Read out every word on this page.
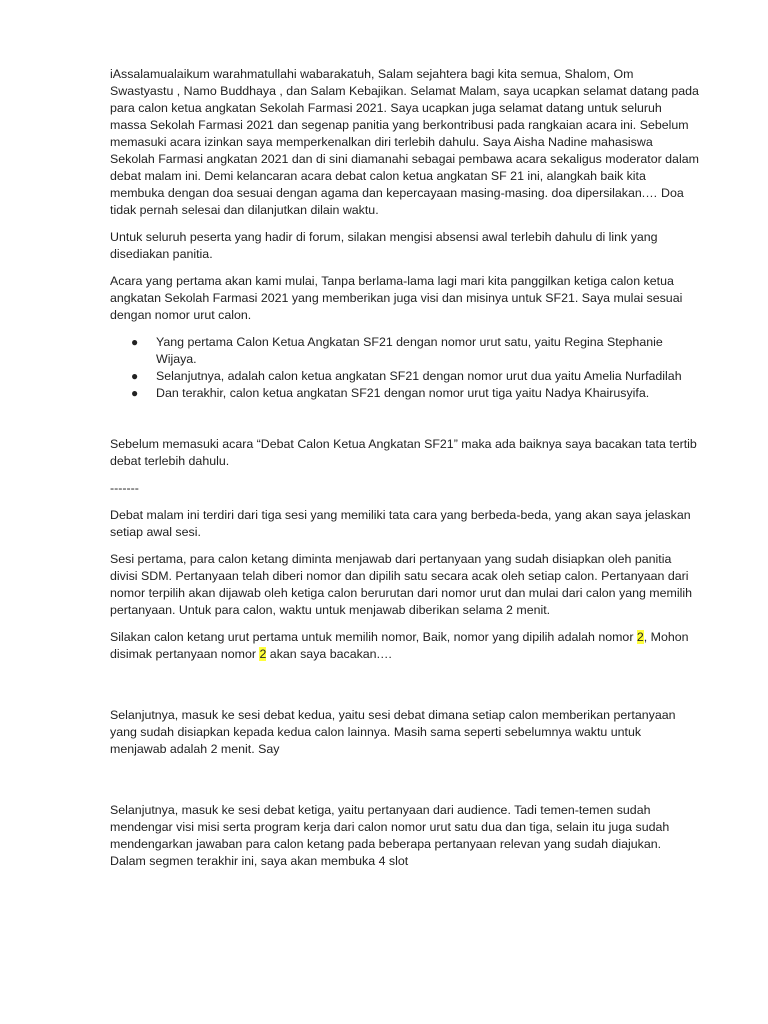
iAssalamualaikum warahmatullahi wabarakatuh, Salam sejahtera bagi kita semua, Shalom, Om Swastyastu , Namo Buddhaya , dan Salam Kebajikan. Selamat Malam, saya ucapkan selamat datang pada para calon ketua angkatan Sekolah Farmasi 2021. Saya ucapkan juga selamat datang untuk seluruh massa Sekolah Farmasi 2021 dan segenap panitia yang berkontribusi pada rangkaian acara ini. Sebelum memasuki acara izinkan saya memperkenalkan diri terlebih dahulu. Saya Aisha Nadine mahasiswa Sekolah Farmasi angkatan 2021 dan di sini diamanahi sebagai pembawa acara sekaligus moderator dalam debat malam ini. Demi kelancaran acara debat calon ketua angkatan SF 21 ini, alangkah baik kita membuka dengan doa sesuai dengan agama dan kepercayaan masing-masing. doa dipersilakan.… Doa tidak pernah selesai dan dilanjutkan dilain waktu.

Untuk seluruh peserta yang hadir di forum, silakan mengisi absensi awal terlebih dahulu di link yang disediakan panitia.

Acara yang pertama akan kami mulai, Tanpa berlama-lama lagi mari kita panggilkan ketiga calon ketua angkatan Sekolah Farmasi 2021 yang memberikan juga visi dan misinya untuk SF21. Saya mulai sesuai dengan nomor urut calon.

● Yang pertama Calon Ketua Angkatan SF21 dengan nomor urut satu, yaitu Regina Stephanie Wijaya.
● Selanjutnya, adalah calon ketua angkatan SF21 dengan nomor urut dua yaitu Amelia Nurfadilah
● Dan terakhir, calon ketua angkatan SF21 dengan nomor urut tiga yaitu Nadya Khairusyifa.

Sebelum memasuki acara “Debat Calon Ketua Angkatan SF21” maka ada baiknya saya bacakan tata tertib debat terlebih dahulu.

-------

Debat malam ini terdiri dari tiga sesi yang memiliki tata cara yang berbeda-beda, yang akan saya jelaskan setiap awal sesi.

Sesi pertama, para calon ketang diminta menjawab dari pertanyaan yang sudah disiapkan oleh panitia divisi SDM. Pertanyaan telah diberi nomor dan dipilih satu secara acak oleh setiap calon. Pertanyaan dari nomor terpilih akan dijawab oleh ketiga calon berurutan dari nomor urut dan mulai dari calon yang memilih pertanyaan. Untuk para calon, waktu untuk menjawab diberikan selama 2 menit.

Silakan calon ketang urut pertama untuk memilih nomor, Baik, nomor yang dipilih adalah nomor 2, Mohon disimak pertanyaan nomor 2 akan saya bacakan.…

Selanjutnya, masuk ke sesi debat kedua, yaitu sesi debat dimana setiap calon memberikan pertanyaan yang sudah disiapkan kepada kedua calon lainnya. Masih sama seperti sebelumnya waktu untuk menjawab adalah 2 menit. Say

Selanjutnya, masuk ke sesi debat ketiga, yaitu pertanyaan dari audience. Tadi temen-temen sudah mendengar visi misi serta program kerja dari calon nomor urut satu dua dan tiga, selain itu juga sudah mendengarkan jawaban para calon ketang pada beberapa pertanyaan relevan yang sudah diajukan. Dalam segmen terakhir ini, saya akan membuka 4 slot
